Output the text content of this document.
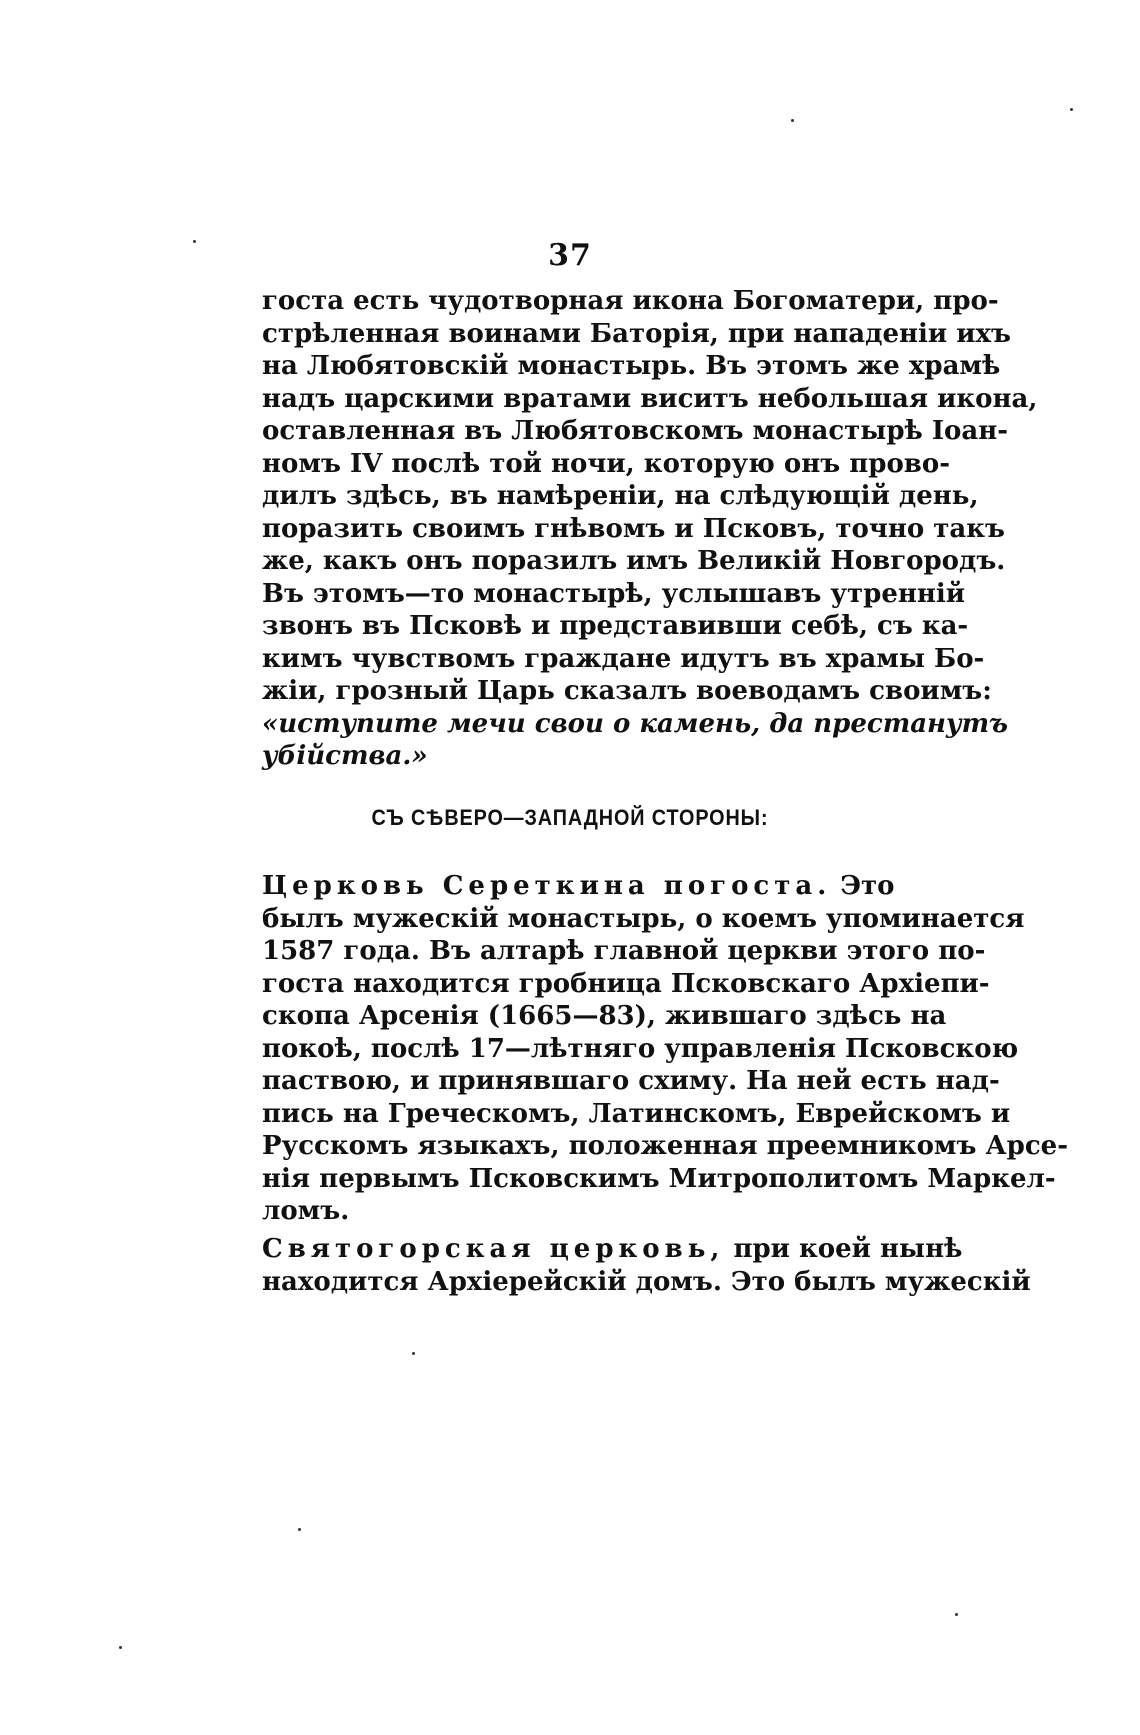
37
госта есть чудотворная икона Богоматери, про-
стрѣленная воинами Баторія, при нападеніи ихъ
на Любятовскій монастырь. Въ этомъ же храмѣ
надъ царскими вратами виситъ небольшая икона,
оставленная въ Любятовскомъ монастырѣ Іоан-
номъ IV послѣ той ночи, которую онъ прово-
дилъ здѣсь, въ намѣреніи, на слѣдующій день,
поразить своимъ гнѣвомъ и Псковъ, точно такъ
же, какъ онъ поразилъ имъ Великій Новгородъ.
Въ этомъ—то монастырѣ, услышавъ утренній
звонъ въ Псковѣ и представивши себѣ, съ ка-
кимъ чувствомъ граждане идутъ въ храмы Бо-
жіи, грозный Царь сказалъ воеводамъ своимъ:
«иступите мечи свои о камень, да престанутъ
убійства.»
СЪ СѢВЕРО—ЗАПАДНОЙ СТОРОНЫ:
Церковь Сереткина погоста. Это
былъ мужескій монастырь, о коемъ упоминается
1587 года. Въ алтарѣ главной церкви этого по-
госта находится гробница Псковскаго Архіепи-
скопа Арсенія (1665—83), жившаго здѣсь на
покоѣ, послѣ 17—лѣтняго управленія Псковскою
паствою, и принявшаго схиму. На ней есть над-
пись на Греческомъ, Латинскомъ, Еврейскомъ и
Русскомъ языкахъ, положенная преемникомъ Арсе-
нія первымъ Псковскимъ Митрополитомъ Маркел-
ломъ.
Святогорская церковь, при коей нынѣ
находится Архіерейскій домъ. Это былъ мужескій
